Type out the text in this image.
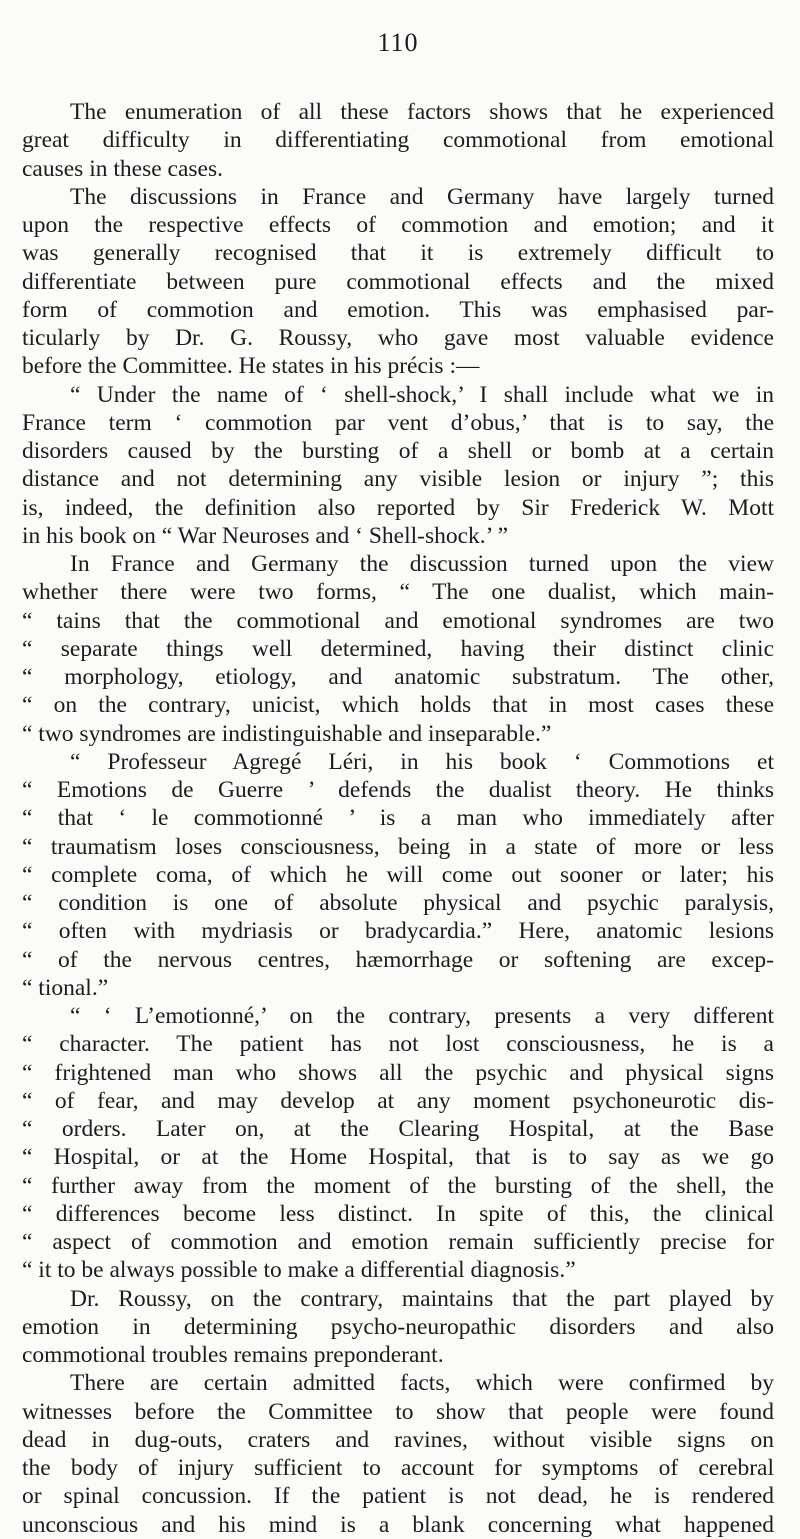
110
The enumeration of all these factors shows that he experienced
great difficulty in differentiating commotional from emotional
causes in these cases.
The discussions in France and Germany have largely turned
upon the respective effects of commotion and emotion; and it
was generally recognised that it is extremely difficult to
differentiate between pure commotional effects and the mixed
form of commotion and emotion. This was emphasised par-
ticularly by Dr. G. Roussy, who gave most valuable evidence
before the Committee. He states in his précis :—
“ Under the name of ‘ shell-shock,’ I shall include what we in
France term ‘ commotion par vent d’obus,’ that is to say, the
disorders caused by the bursting of a shell or bomb at a certain
distance and not determining any visible lesion or injury ”; this
is, indeed, the definition also reported by Sir Frederick W. Mott
in his book on “ War Neuroses and ‘ Shell-shock.’ ”
In France and Germany the discussion turned upon the view
whether there were two forms, “ The one dualist, which main-
“ tains that the commotional and emotional syndromes are two
“ separate things well determined, having their distinct clinic
“ morphology, etiology, and anatomic substratum. The other,
“ on the contrary, unicist, which holds that in most cases these
“ two syndromes are indistinguishable and inseparable.”
“ Professeur Agregé Léri, in his book ‘ Commotions et
“ Emotions de Guerre ’ defends the dualist theory. He thinks
“ that ‘ le commotionné ’ is a man who immediately after
“ traumatism loses consciousness, being in a state of more or less
“ complete coma, of which he will come out sooner or later; his
“ condition is one of absolute physical and psychic paralysis,
“ often with mydriasis or bradycardia.” Here, anatomic lesions
“ of the nervous centres, hæmorrhage or softening are excep-
“ tional.”
“ ‘ L’emotionné,’ on the contrary, presents a very different
“ character. The patient has not lost consciousness, he is a
“ frightened man who shows all the psychic and physical signs
“ of fear, and may develop at any moment psychoneurotic dis-
“ orders. Later on, at the Clearing Hospital, at the Base
“ Hospital, or at the Home Hospital, that is to say as we go
“ further away from the moment of the bursting of the shell, the
“ differences become less distinct. In spite of this, the clinical
“ aspect of commotion and emotion remain sufficiently precise for
“ it to be always possible to make a differential diagnosis.”
Dr. Roussy, on the contrary, maintains that the part played by
emotion in determining psycho-neuropathic disorders and also
commotional troubles remains preponderant.
There are certain admitted facts, which were confirmed by
witnesses before the Committee to show that people were found
dead in dug-outs, craters and ravines, without visible signs on
the body of injury sufficient to account for symptoms of cerebral
or spinal concussion. If the patient is not dead, he is rendered
unconscious and his mind is a blank concerning what happened
